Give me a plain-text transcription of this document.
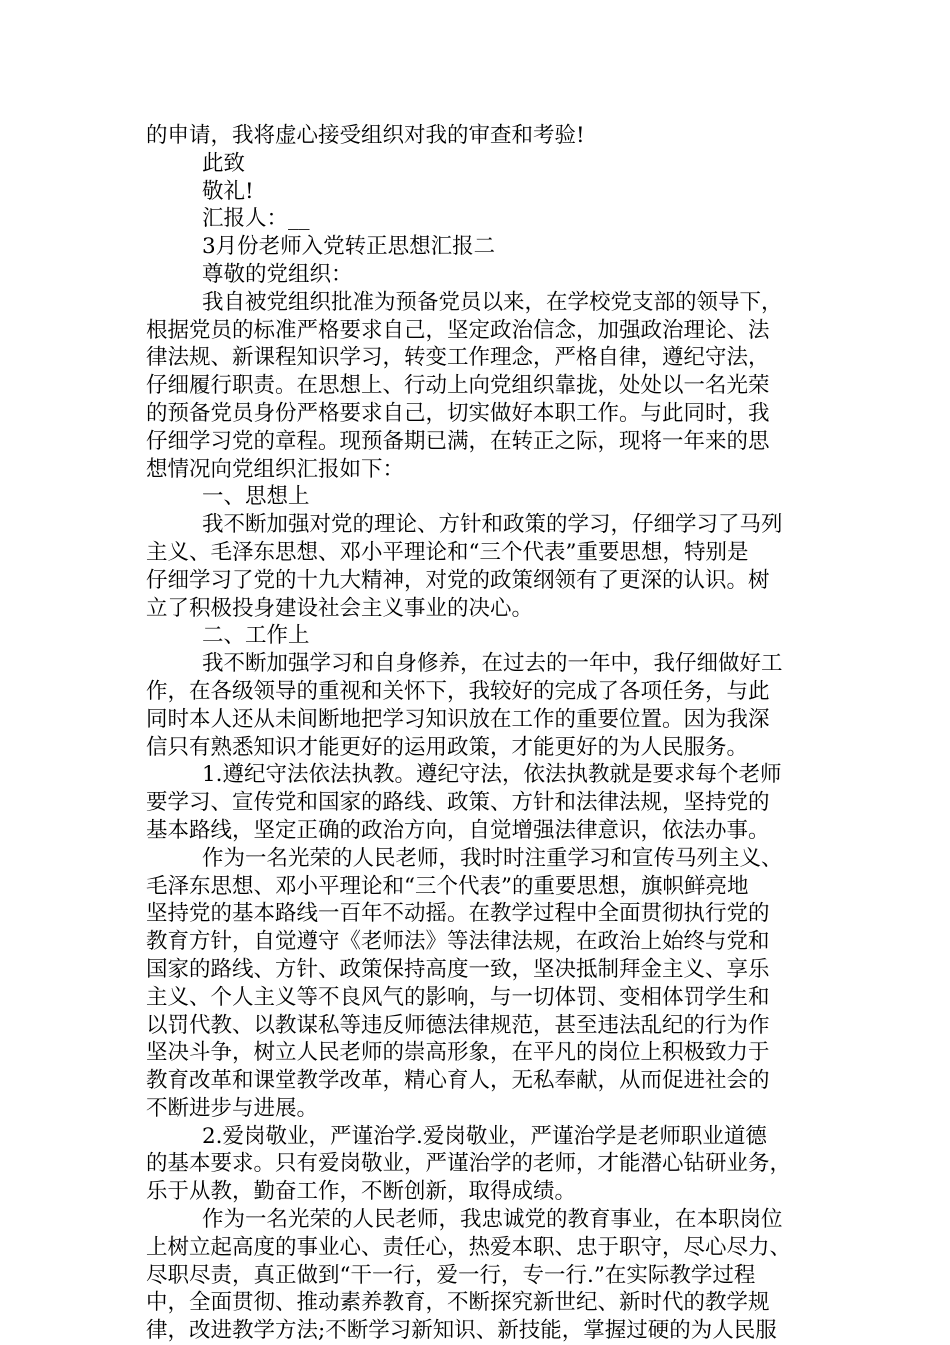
的申请，我将虚心接受组织对我的审查和考验!
此致
敬礼!
汇报人：__
3月份老师入党转正思想汇报二
尊敬的党组织：
我自被党组织批准为预备党员以来，在学校党支部的领导下，
根据党员的标准严格要求自己，坚定政治信念，加强政治理论、法
律法规、新课程知识学习，转变工作理念，严格自律，遵纪守法，
仔细履行职责。在思想上、行动上向党组织靠拢，处处以一名光荣
的预备党员身份严格要求自己，切实做好本职工作。与此同时，我
仔细学习党的章程。现预备期已满，在转正之际，现将一年来的思
想情况向党组织汇报如下：
一、思想上
我不断加强对党的理论、方针和政策的学习，仔细学习了马列
主义、毛泽东思想、邓小平理论和“三个代表”重要思想，特别是
仔细学习了党的十九大精神，对党的政策纲领有了更深的认识。树
立了积极投身建设社会主义事业的决心。
二、工作上
我不断加强学习和自身修养，在过去的一年中，我仔细做好工
作，在各级领导的重视和关怀下，我较好的完成了各项任务，与此
同时本人还从未间断地把学习知识放在工作的重要位置。因为我深
信只有熟悉知识才能更好的运用政策，才能更好的为人民服务。
1.遵纪守法依法执教。遵纪守法，依法执教就是要求每个老师
要学习、宣传党和国家的路线、政策、方针和法律法规，坚持党的
基本路线，坚定正确的政治方向，自觉增强法律意识，依法办事。
作为一名光荣的人民老师，我时时注重学习和宣传马列主义、
毛泽东思想、邓小平理论和“三个代表”的重要思想，旗帜鲜亮地
坚持党的基本路线一百年不动摇。在教学过程中全面贯彻执行党的
教育方针，自觉遵守《老师法》等法律法规，在政治上始终与党和
国家的路线、方针、政策保持高度一致，坚决抵制拜金主义、享乐
主义、个人主义等不良风气的影响，与一切体罚、变相体罚学生和
以罚代教、以教谋私等违反师德法律规范，甚至违法乱纪的行为作
坚决斗争，树立人民老师的崇高形象，在平凡的岗位上积极致力于
教育改革和课堂教学改革，精心育人，无私奉献，从而促进社会的
不断进步与进展。
2.爱岗敬业，严谨治学.爱岗敬业，严谨治学是老师职业道德
的基本要求。只有爱岗敬业，严谨治学的老师，才能潜心钻研业务，
乐于从教，勤奋工作，不断创新，取得成绩。
作为一名光荣的人民老师，我忠诚党的教育事业，在本职岗位
上树立起高度的事业心、责任心，热爱本职、忠于职守，尽心尽力、
尽职尽责，真正做到“干一行，爱一行，专一行.”在实际教学过程
中，全面贯彻、推动素养教育，不断探究新世纪、新时代的教学规
律，改进教学方法;不断学习新知识、新技能，掌握过硬的为人民服
